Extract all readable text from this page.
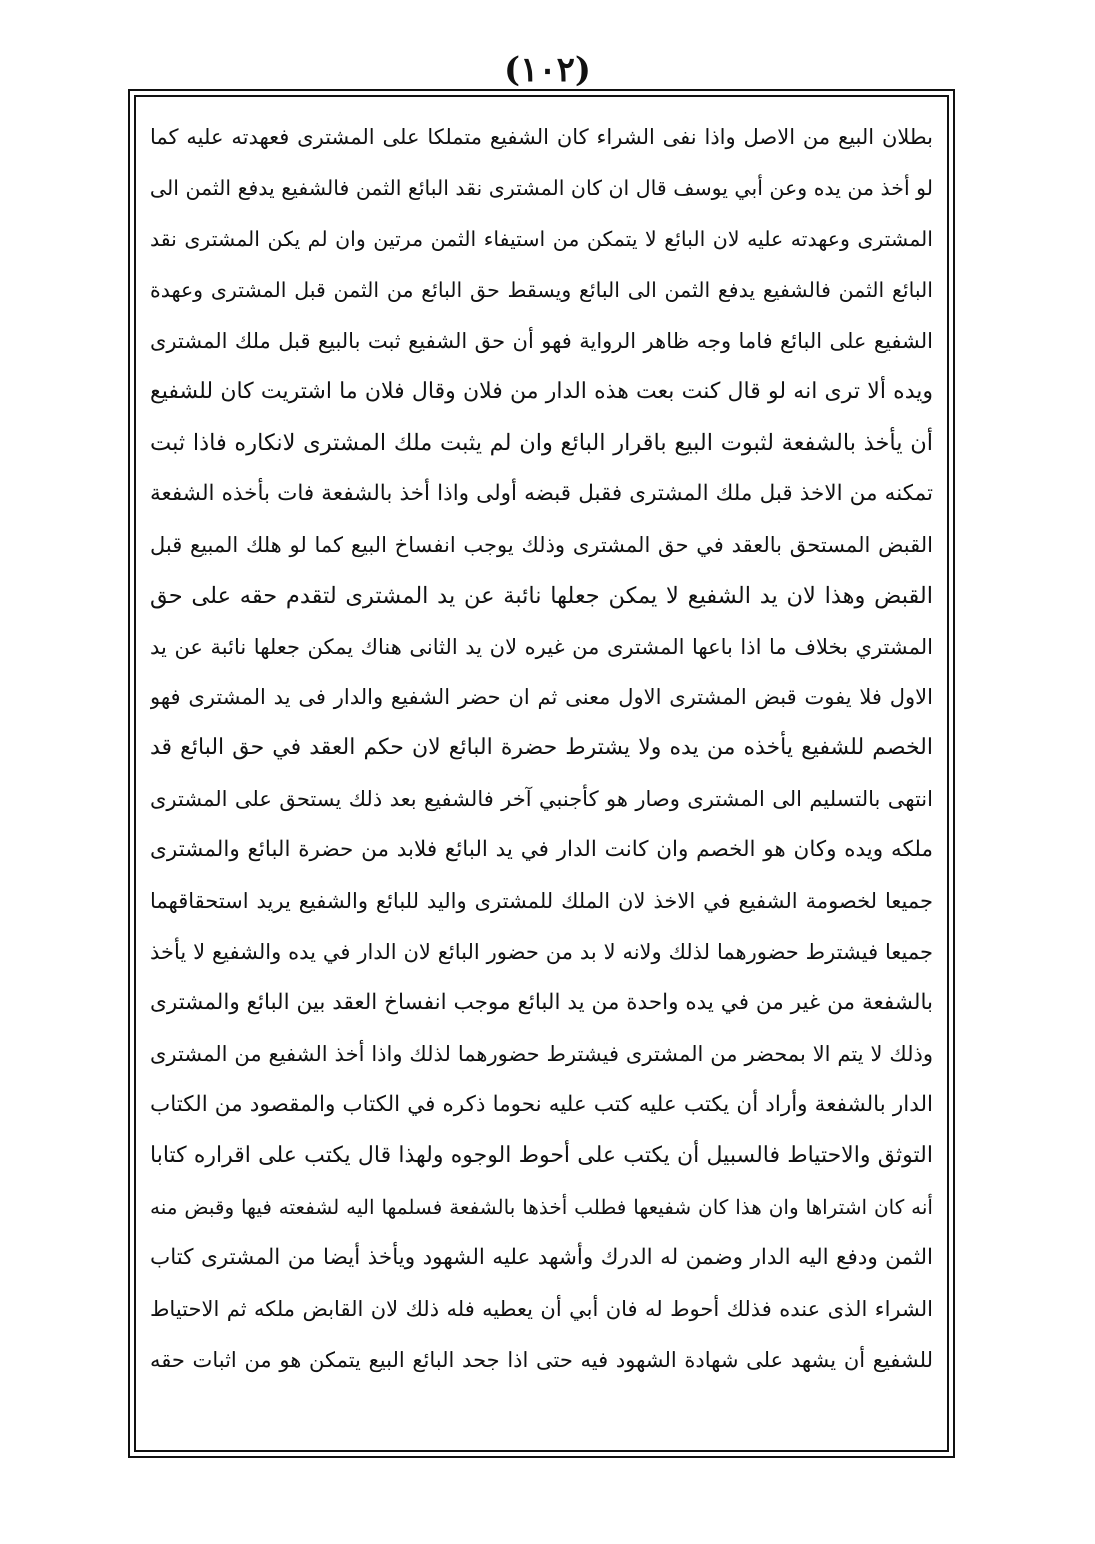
(١٠٢)
بطلان البيع من الاصل واذا نفى الشراء كان الشفيع متملكا على المشترى فعهدته عليه كما
لو أخذ من يده وعن أبي يوسف قال ان كان المشترى نقد البائع الثمن فالشفيع يدفع الثمن الى
المشترى وعهدته عليه لان البائع لا يتمكن من استيفاء الثمن مرتين وان لم يكن المشترى نقد
البائع الثمن فالشفيع يدفع الثمن الى البائع ويسقط حق البائع من الثمن قبل المشترى وعهدة
الشفيع على البائع فاما وجه ظاهر الرواية فهو أن حق الشفيع ثبت بالبيع قبل ملك المشترى
ويده ألا ترى انه لو قال كنت بعت هذه الدار من فلان وقال فلان ما اشتريت كان للشفيع
أن يأخذ بالشفعة لثبوت البيع باقرار البائع وان لم يثبت ملك المشترى لانكاره فاذا ثبت
تمكنه من الاخذ قبل ملك المشترى فقبل قبضه أولى واذا أخذ بالشفعة فات بأخذه الشفعة
القبض المستحق بالعقد في حق المشترى وذلك يوجب انفساخ البيع كما لو هلك المبيع قبل
القبض وهذا لان يد الشفيع لا يمكن جعلها نائبة عن يد المشترى لتقدم حقه على حق
المشتري بخلاف ما اذا باعها المشترى من غيره لان يد الثانى هناك يمكن جعلها نائبة عن يد
الاول فلا يفوت قبض المشترى الاول معنى ثم ان حضر الشفيع والدار فى يد المشترى فهو
الخصم للشفيع يأخذه من يده ولا يشترط حضرة البائع لان حكم العقد في حق البائع قد
انتهى بالتسليم الى المشترى وصار هو كأجنبي آخر فالشفيع بعد ذلك يستحق على المشترى
ملكه ويده وكان هو الخصم وان كانت الدار في يد البائع فلابد من حضرة البائع والمشترى
جميعا لخصومة الشفيع في الاخذ لان الملك للمشترى واليد للبائع والشفيع يريد استحقاقهما
جميعا فيشترط حضورهما لذلك ولانه لا بد من حضور البائع لان الدار في يده والشفيع لا يأخذ
بالشفعة من غير من في يده واحدة من يد البائع موجب انفساخ العقد بين البائع والمشترى
وذلك لا يتم الا بمحضر من المشترى فيشترط حضورهما لذلك واذا أخذ الشفيع من المشترى
الدار بالشفعة وأراد أن يكتب عليه كتب عليه نحوما ذكره في الكتاب والمقصود من الكتاب
التوثق والاحتياط فالسبيل أن يكتب على أحوط الوجوه ولهذا قال يكتب على اقراره كتابا
أنه كان اشتراها وان هذا كان شفيعها فطلب أخذها بالشفعة فسلمها اليه لشفعته فيها وقبض منه
الثمن ودفع اليه الدار وضمن له الدرك وأشهد عليه الشهود ويأخذ أيضا من المشترى كتاب
الشراء الذى عنده فذلك أحوط له فان أبي أن يعطيه فله ذلك لان القابض ملكه ثم الاحتياط
للشفيع أن يشهد على شهادة الشهود فيه حتى اذا جحد البائع البيع يتمكن هو من اثبات حقه
